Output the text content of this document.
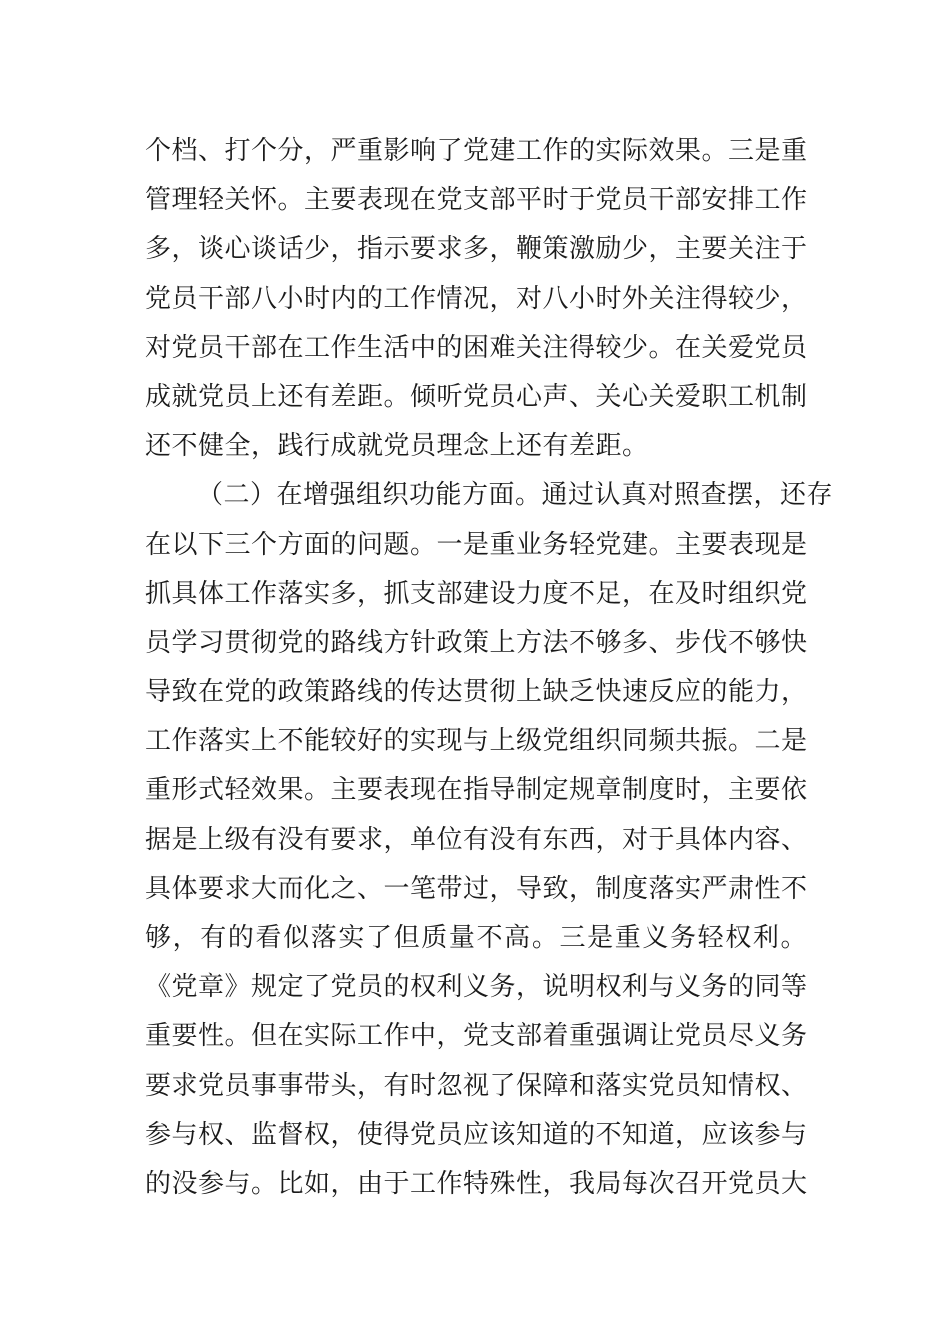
个档、打个分，严重影响了党建工作的实际效果。三是重
管理轻关怀。主要表现在党支部平时于党员干部安排工作
多，谈心谈话少，指示要求多，鞭策激励少，主要关注于
党员干部八小时内的工作情况，对八小时外关注得较少，
对党员干部在工作生活中的困难关注得较少。在关爱党员
成就党员上还有差距。倾听党员心声、关心关爱职工机制
还不健全，践行成就党员理念上还有差距。
（二）在增强组织功能方面。通过认真对照查摆，还存
在以下三个方面的问题。一是重业务轻党建。主要表现是
抓具体工作落实多，抓支部建设力度不足，在及时组织党
员学习贯彻党的路线方针政策上方法不够多、步伐不够快
导致在党的政策路线的传达贯彻上缺乏快速反应的能力，
工作落实上不能较好的实现与上级党组织同频共振。二是
重形式轻效果。主要表现在指导制定规章制度时，主要依
据是上级有没有要求，单位有没有东西，对于具体内容、
具体要求大而化之、一笔带过，导致，制度落实严肃性不
够，有的看似落实了但质量不高。三是重义务轻权利。
《党章》规定了党员的权利义务，说明权利与义务的同等
重要性。但在实际工作中，党支部着重强调让党员尽义务
要求党员事事带头，有时忽视了保障和落实党员知情权、
参与权、监督权，使得党员应该知道的不知道，应该参与
的没参与。比如，由于工作特殊性，我局每次召开党员大
